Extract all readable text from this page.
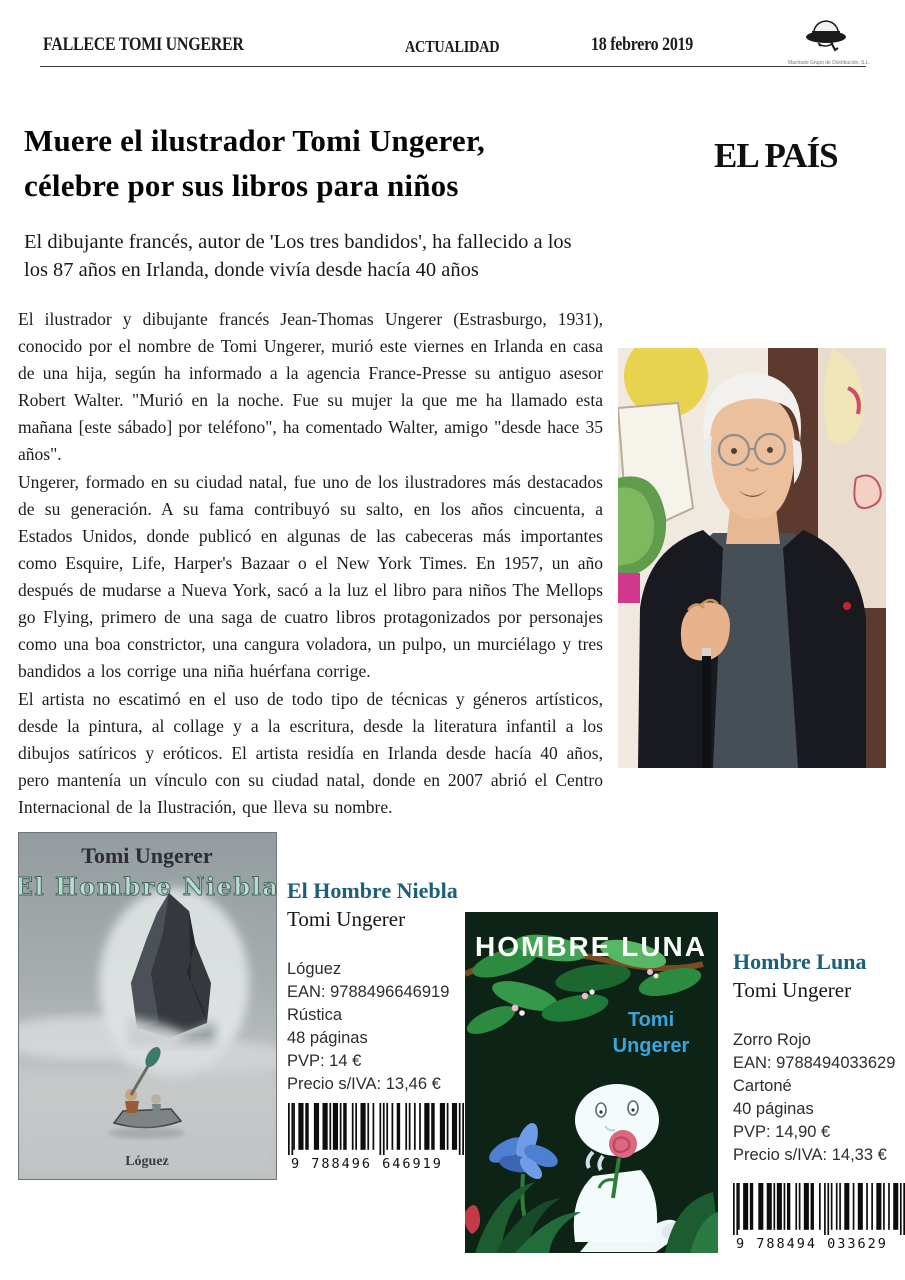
FALLECE TOMI UNGERER	ACTUALIDAD	18 febrero 2019
Machado Grupo de Distribución, S.L.
Muere el ilustrador Tomi Ungerer,
célebre por sus libros para niños
EL PAÍS
El dibujante francés, autor de 'Los tres bandidos', ha fallecido a los
los 87 años en Irlanda, donde vivía desde hacía 40 años

El ilustrador y dibujante francés Jean-Thomas Ungerer (Estrasburgo, 1931), conocido por el nombre de Tomi Ungerer, murió este viernes en Irlanda en casa de una hija, según ha informado a la agencia France-Presse su antiguo asesor Robert Walter. "Murió en la noche. Fue su mujer la que me ha llamado esta mañana [este sábado] por teléfono", ha comentado Walter, amigo "desde hace 35 años".

Ungerer, formado en su ciudad natal, fue uno de los ilustradores más destacados de su generación. A su fama contribuyó su salto, en los años cincuenta, a Estados Unidos, donde publicó en algunas de las cabeceras más importantes como Esquire, Life, Harper's Bazaar o el New York Times. En 1957, un año después de mudarse a Nueva York, sacó a la luz el libro para niños The Mellops go Flying, primero de una saga de cuatro libros protagonizados por personajes como una boa constrictor, una cangura voladora, un pulpo, un murciélago y tres bandidos a los corrige una niña huérfana corrige.

El artista no escatimó en el uso de todo tipo de técnicas y géneros artísticos, desde la pintura, al collage y a la escritura, desde la literatura infantil a los dibujos satíricos y eróticos. El artista residía en Irlanda desde hacía 40 años, pero mantenía un vínculo con su ciudad natal, donde en 2007 abrió el Centro Internacional de la Ilustración, que lleva su nombre.

Tomi Ungerer
El Hombre Niebla
Lóguez
El Hombre Niebla
Tomi Ungerer
Lóguez
EAN: 9788496646919
Rústica
48 páginas
PVP: 14 €
Precio s/IVA: 13,46 €
9 788496 646919
HOMBRE LUNA
Tomi
Ungerer
Hombre Luna
Tomi Ungerer
Zorro Rojo
EAN: 9788494033629
Cartoné
40 páginas
PVP: 14,90 €
Precio s/IVA: 14,33 €
9 788494 033629
